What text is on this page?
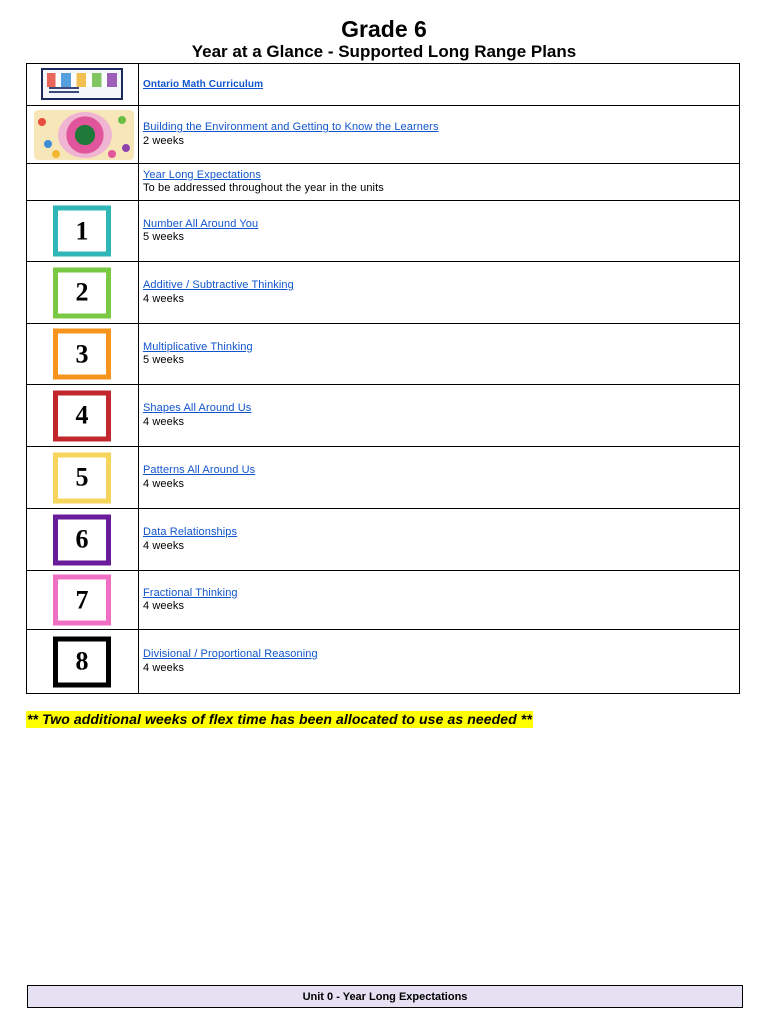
Grade 6
Year at a Glance - Supported Long Range Plans

	Ontario Math Curriculum

	Building the Environment and Getting to Know the Learners
2 weeks

	Year Long Expectations
To be addressed throughout the year in the units

1	Number All Around You
5 weeks

2	Additive / Subtractive Thinking
4 weeks

3	Multiplicative Thinking
5 weeks

4	Shapes All Around Us
4 weeks

5	Patterns All Around Us
4 weeks

6	Data Relationships
4 weeks

7	Fractional Thinking
4 weeks

8	Divisional / Proportional Reasoning
4 weeks
** Two additional weeks of flex time has been allocated to use as needed **
Unit 0 - Year Long Expectations
